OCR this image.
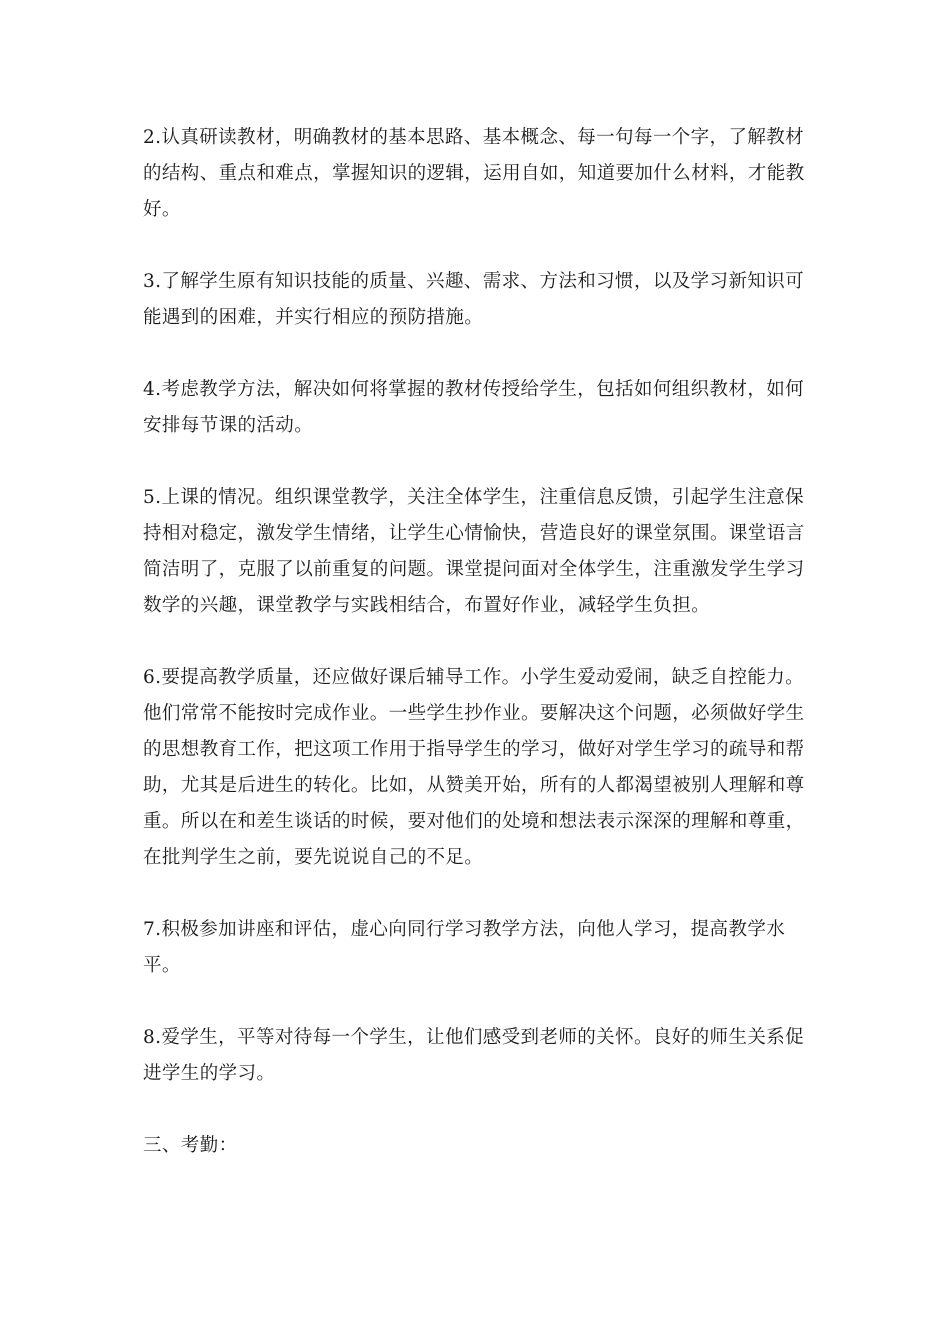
2.认真研读教材，明确教材的基本思路、基本概念、每一句每一个字，了解教材的结构、重点和难点，掌握知识的逻辑，运用自如，知道要加什么材料，才能教好。

3.了解学生原有知识技能的质量、兴趣、需求、方法和习惯，以及学习新知识可能遇到的困难，并实行相应的预防措施。

4.考虑教学方法，解决如何将掌握的教材传授给学生，包括如何组织教材，如何安排每节课的活动。

5.上课的情况。组织课堂教学，关注全体学生，注重信息反馈，引起学生注意保持相对稳定，激发学生情绪，让学生心情愉快，营造良好的课堂氛围。课堂语言简洁明了，克服了以前重复的问题。课堂提问面对全体学生，注重激发学生学习数学的兴趣，课堂教学与实践相结合，布置好作业，减轻学生负担。

6.要提高教学质量，还应做好课后辅导工作。小学生爱动爱闹，缺乏自控能力。他们常常不能按时完成作业。一些学生抄作业。要解决这个问题，必须做好学生的思想教育工作，把这项工作用于指导学生的学习，做好对学生学习的疏导和帮助，尤其是后进生的转化。比如，从赞美开始，所有的人都渴望被别人理解和尊重。所以在和差生谈话的时候，要对他们的处境和想法表示深深的理解和尊重，在批判学生之前，要先说说自己的不足。

7.积极参加讲座和评估，虚心向同行学习教学方法，向他人学习，提高教学水平。

8.爱学生，平等对待每一个学生，让他们感受到老师的关怀。良好的师生关系促进学生的学习。

三、考勤：
